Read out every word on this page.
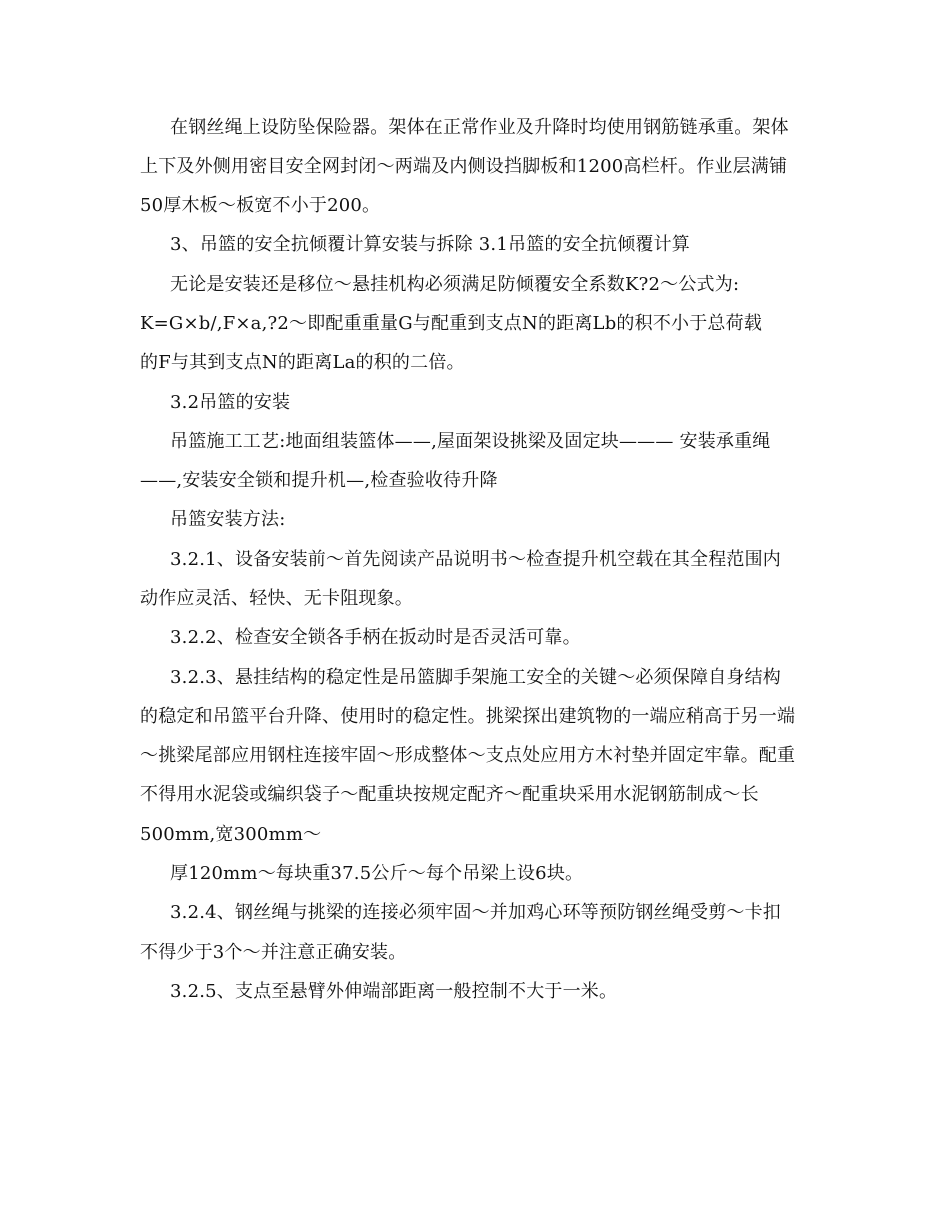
在钢丝绳上设防坠保险器。架体在正常作业及升降时均使用钢筋链承重。架体

上下及外侧用密目安全网封闭～两端及内侧设挡脚板和1200高栏杆。作业层满铺

50厚木板～板宽不小于200。

3、吊篮的安全抗倾覆计算安装与拆除 3.1吊篮的安全抗倾覆计算

无论是安装还是移位～悬挂机构必须满足防倾覆安全系数K?2～公式为:

K=G×b/,F×a,?2～即配重重量G与配重到支点N的距离Lb的积不小于总荷载

的F与其到支点N的距离La的积的二倍。

3.2吊篮的安装

吊篮施工工艺:地面组装篮体——,屋面架设挑梁及固定块——— 安装承重绳

——,安装安全锁和提升机—,检查验收待升降

吊篮安装方法:

3.2.1、设备安装前～首先阅读产品说明书～检查提升机空载在其全程范围内

动作应灵活、轻快、无卡阻现象。

3.2.2、检查安全锁各手柄在扳动时是否灵活可靠。

3.2.3、悬挂结构的稳定性是吊篮脚手架施工安全的关键～必须保障自身结构

的稳定和吊篮平台升降、使用时的稳定性。挑梁探出建筑物的一端应稍高于另一端

～挑梁尾部应用钢柱连接牢固～形成整体～支点处应用方木衬垫并固定牢靠。配重

不得用水泥袋或编织袋子～配重块按规定配齐～配重块采用水泥钢筋制成～长

500mm,宽300mm～

厚120mm～每块重37.5公斤～每个吊梁上设6块。

3.2.4、钢丝绳与挑梁的连接必须牢固～并加鸡心环等预防钢丝绳受剪～卡扣

不得少于3个～并注意正确安装。

3.2.5、支点至悬臂外伸端部距离一般控制不大于一米。
